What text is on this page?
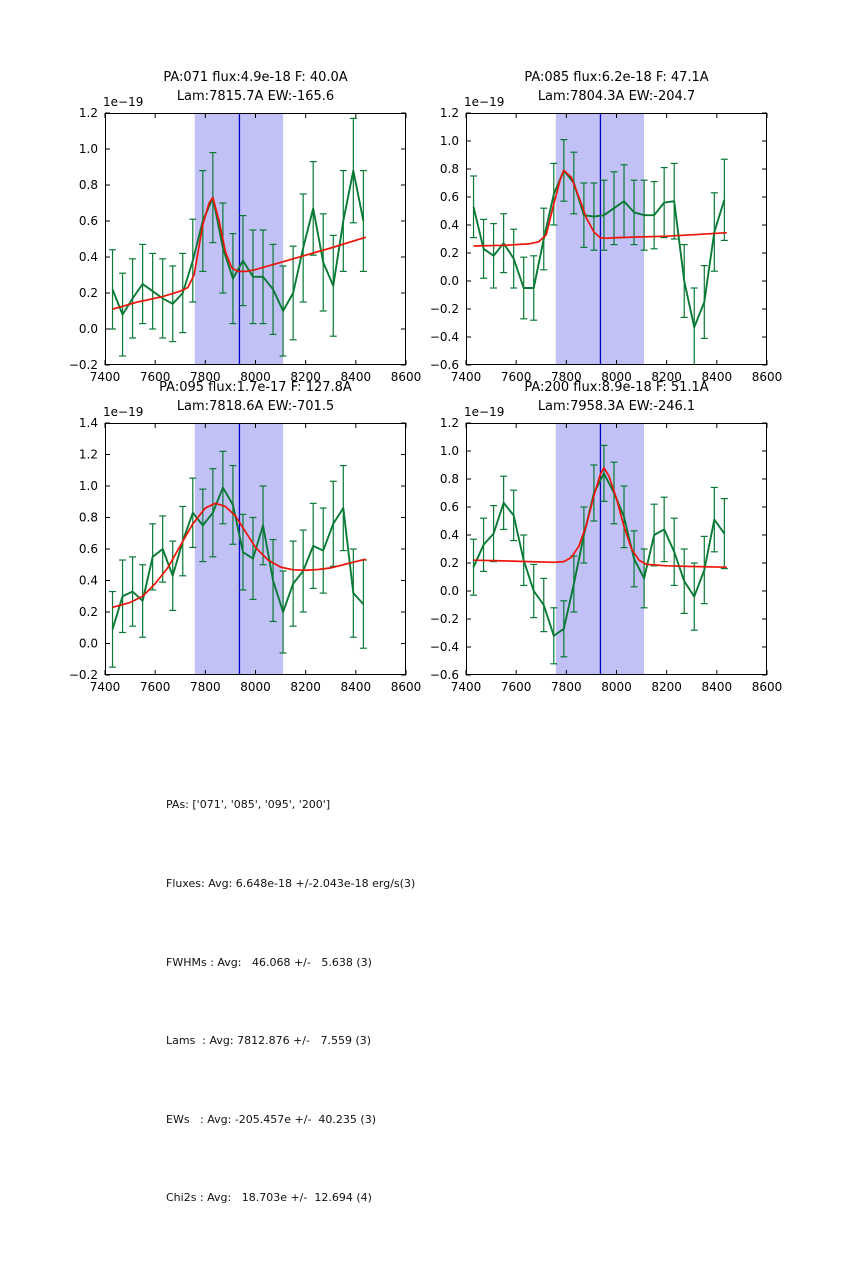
PA:071 flux:4.9e-18 F: 40.0A
Lam:7815.7A EW:-165.6
7400 7600 7800 8000 8200 8400 8600
−0.2
0.0
0.2
0.4
0.6
0.8
1.0
1.2
1e−19
PA:085 flux:6.2e-18 F: 47.1A
Lam:7804.3A EW:-204.7
7400 7600 7800 8000 8200 8400 8600
−0.6
−0.4
−0.2
0.0
0.2
0.4
0.6
0.8
1.0
1.2
1e−19
PA:095 flux:1.7e-17 F: 127.8A
Lam:7818.6A EW:-701.5
7400 7600 7800 8000 8200 8400 8600
−0.2
0.0
0.2
0.4
0.6
0.8
1.0
1.2
1.4
1e−19
PA:200 flux:8.9e-18 F: 51.1A
Lam:7958.3A EW:-246.1
7400 7600 7800 8000 8200 8400 8600
−0.6
−0.4
−0.2
0.0
0.2
0.4
0.6
0.8
1.0
1.2
1e−19

PAs: ['071', '085', '095', '200']

Fluxes: Avg: 6.648e-18 +/-2.043e-18 erg/s(3)

FWHMs : Avg:   46.068 +/-   5.638 (3)

Lams  : Avg: 7812.876 +/-   7.559 (3)

EWs   : Avg: -205.457e +/-  40.235 (3)

Chi2s : Avg:   18.703e +/-  12.694 (4)
